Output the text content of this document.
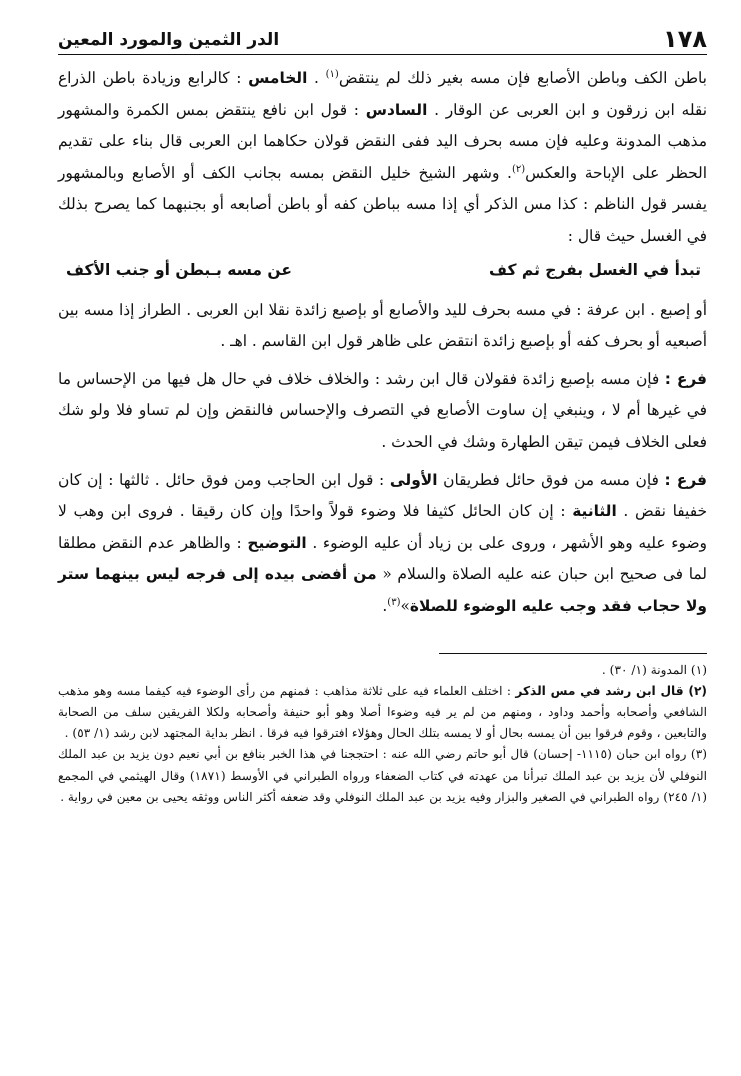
١٧٨
الدر الثمين والمورد المعين

باطن الكف وباطن الأصابع فإن مسه بغير ذلك لم ينتقض$^{(١)}$ . الخامس : كالرابع وزيادة باطن الذراع نقله ابن زرقون و ابن العربى عن الوقار . السادس : قول ابن نافع ينتقض بمس الكمرة والمشهور مذهب المدونة وعليه فإن مسه بحرف اليد ففى النقض قولان حكاهما ابن العربى قال بناء على تقديم الحظر على الإباحة والعكس$^{(٢)}$. وشهر الشيخ خليل النقض بمسه بجانب الكف أو الأصابع وبالمشهور يفسر قول الناظم : كذا مس الذكر أي إذا مسه بباطن كفه أو باطن أصابعه أو بجنبهما كما يصرح بذلك في الغسل حيث قال :

تبدأ في الغسل بفرج ثم كف
عن مسه بـبطن أو جنب الأكف

أو إصبع . ابن عرفة : في مسه بحرف لليد والأصابع أو بإصبع زائدة نقلا ابن العربى . الطراز إذا مسه بين أصبعيه أو بحرف كفه أو بإصبع زائدة انتقض على ظاهر قول ابن القاسم . اهـ .

فرع : فإن مسه بإصبع زائدة فقولان قال ابن رشد : والخلاف خلاف في حال هل فيها من الإحساس ما في غيرها أم لا ، وينبغي إن ساوت الأصابع في التصرف والإحساس فالنقض وإن لم تساو فلا ولو شك فعلى الخلاف فيمن تيقن الطهارة وشك في الحدث .

فرع : فإن مسه من فوق حائل فطريقان الأولى : قول ابن الحاجب ومن فوق حائل . ثالثها : إن كان خفيفا نقض . الثانية : إن كان الحائل كثيفا فلا وضوء قولاً واحدًا وإن كان رقيقا . فروى ابن وهب لا وضوء عليه وهو الأشهر ، وروى على بن زياد أن عليه الوضوء . التوضيح : والظاهر عدم النقض مطلقا لما فى صحيح ابن حبان عنه عليه الصلاة والسلام « من أفضى بيده إلى فرجه ليس بينهما ستر ولا حجاب فقد وجب عليه الوضوء للصلاة»$^{(٣)}$.

(١) المدونة (١/ ٣٠) .

(٢) قال ابن رشد في مس الذكر : اختلف العلماء فيه على ثلاثة مذاهب : فمنهم من رأى الوضوء فيه كيفما مسه وهو مذهب الشافعي وأصحابه وأحمد وداود ، ومنهم من لم ير فيه وضوءا أصلا وهو أبو حنيفة وأصحابه ولكلا الفريقين سلف من الصحابة والتابعين ، وقوم فرقوا بين أن يمسه بحال أو لا يمسه بتلك الحال وهؤلاء افترقوا فيه فرقا . انظر بداية المجتهد لابن رشد (١/ ٥٣) .

(٣) رواه ابن حبان (١١١٥- إحسان) قال أبو حاتم رضي الله عنه : احتججنا في هذا الخبر بنافع بن أبي نعيم دون يزيد بن عبد الملك النوفلي لأن يزيد بن عبد الملك تبرأنا من عهدته في كتاب الضعفاء ورواه الطبراني في الأوسط (١٨٧١) وقال الهيثمي في المجمع (١/ ٢٤٥) رواه الطبراني في الصغير والبزار وفيه يزيد بن عبد الملك النوفلي وقد ضعفه أكثر الناس ووثقه يحيى بن معين في رواية .
